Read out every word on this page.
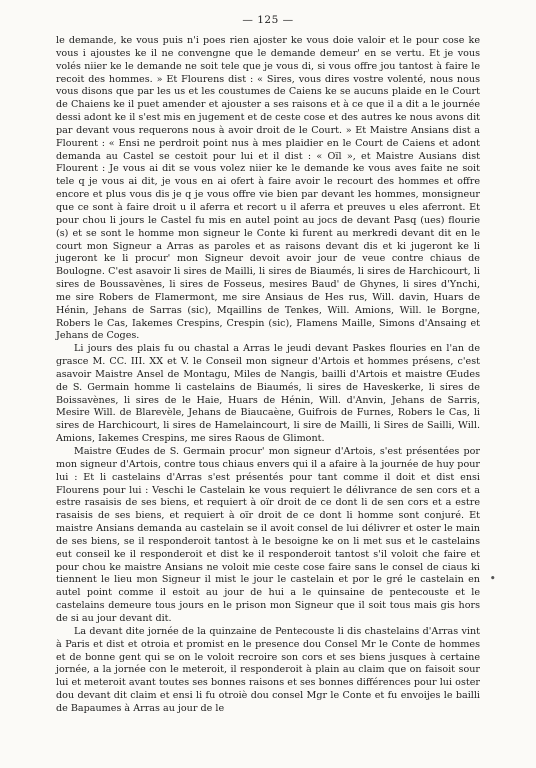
— 125 —

le demande, ke vous puis n'i poes rien ajoster ke vous doie valoir et le pour cose ke vous i ajoustes ke il ne convengne que le demande demeur' en se vertu. Et je vous volés niier ke le demande ne soit tele que je vous di, si vous offre jou tantost à faire le recoit des hommes. » Et Flourens dist : « Sires, vous dires vostre volenté, nous nous vous disons que par les us et les coustumes de Caiens ke se aucuns plaide en le Court de Chaiens ke il puet amender et ajouster a ses raisons et à ce que il a dit a le journée dessi adont ke il s'est mis en jugement et de ceste cose et des autres ke nous avons dit par devant vous requerons nous à avoir droit de le Court. » Et Maistre Ansians dist a Flourent : « Ensi ne perdroit point nus à mes plaidier en le Court de Caiens et adont demanda au Castel se cestoit pour lui et il dist : « Oïl », et Maistre Ausians dist Flourent : Je vous ai dit se vous volez niier ke le demande ke vous aves faite ne soit tele q je vous ai dit, je vous en ai ofert à faire avoir le recourt des hommes et offre encore et plus vous dis je q je vous offre vie bien par devant les hommes, monsigneur que ce sont à faire droit u il aferra et recort u il aferra et preuves u eles aferront. Et pour chou li jours le Castel fu mis en autel point au jocs de devant Pasq (ues) flourie (s) et se sont le homme mon signeur le Conte ki furent au merkredi devant dit en le court mon Signeur a Arras as paroles et as raisons devant dis et ki jugeront ke li jugeront ke li procur' mon Signeur devoit avoir jour de veue contre chiaus de Boulogne. C'est asavoir li sires de Mailli, li sires de Biaumés, li sires de Harchicourt, li sires de Boussavènes, li sires de Fosseus, mesires Baud' de Ghynes, li sires d'Ynchi, me sire Robers de Flamermont, me sire Ansiaus de Hes rus, Will. davin, Huars de Hénin, Jehans de Sarras (sic), Mqaillins de Tenkes, Will. Amions, Will. le Borgne, Robers le Cas, Iakemes Crespins, Crespin (sic), Flamens Maille, Simons d'Ansaing et Jehans de Coges.

Li jours des plais fu ou chastal a Arras le jeudi devant Paskes flouries en l'an de grasce M. CC. III. XX et V. le Conseil mon signeur d'Artois et hommes présens, c'est asavoir Maistre Ansel de Montagu, Miles de Nangis, bailli d'Artois et maistre Œudes de S. Germain homme li castelains de Biaumés, li sires de Haveskerke, li sires de Boissavènes, li sires de le Haie, Huars de Hénin, Will. d'Anvin, Jehans de Sarris, Mesire Will. de Blarevèle, Jehans de Biaucaène, Guifrois de Furnes, Robers le Cas, li sires de Harchicourt, li sires de Hamelaincourt, li sire de Mailli, li Sires de Sailli, Will. Amions, Iakemes Crespins, me sires Raous de Glimont.

Maistre Œudes de S. Germain procur' mon signeur d'Artois, s'est présentées por mon signeur d'Artois, contre tous chiaus envers qui il a afaire à la journée de huy pour lui : Et li castelains d'Arras s'est présentés pour tant comme il doit et dist ensi Flourens pour lui : Veschi le Castelain ke vous requiert le délivrance de sen cors et a estre rasaisis de ses biens, et requiert à oïr droit de ce dont li de sen cors et a estre rasaisis de ses biens, et requiert à oïr droit de ce dont li homme sont conjuré. Et maistre Ansians demanda au castelain se il avoit consel de lui délivrer et oster le main de ses biens, se il responderoit tantost à le besoigne ke on li met sus et le castelains eut conseil ke il responderoit et dist ke il responderoit tantost s'il voloit che faire et pour chou ke maistre Ansians ne voloit mie ceste cose faire sans le consel de ciaus ki tiennent le lieu mon Signeur il mist le jour le castelain et por le gré le castelain en autel point comme il estoit au jour de hui a le quinsaine de pentecouste et le castelains demeure tous jours en le prison mon Signeur que il soit tous mais gis hors de si au jour devant dit.

La devant dite jornée de la quinzaine de Pentecouste li dis chastelains d'Arras vint à Paris et dist et otroia et promist en le presence dou Consel Mr le Conte de hommes et de bonne gent qui se on le voloit recroire son cors et ses biens jusques à certaine jornée, a la jornée con le meteroit, il responderoit à plain au claim que on faisoit sour lui et meteroit avant toutes ses bonnes raisons et ses bonnes différences pour lui oster dou devant dit claim et ensi li fu otroiè dou consel Mgr le Conte et fu envoijes le bailli de Bapaumes à Arras au jour de le

•
